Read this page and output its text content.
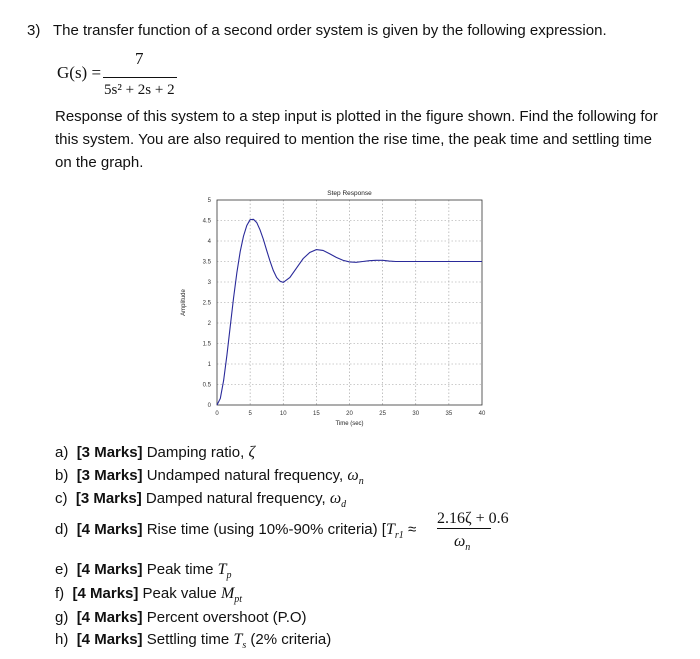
3) The transfer function of a second order system is given by the following expression.
G(s) =
7
5s² + 2s + 2
Response of this system to a step input is plotted in the figure shown. Find the following for this system. You are also required to mention the rise time, the peak time and settling time on the graph.
0	5	10	15	20	25	30	35	40
0
0.5
1
1.5
2
2.5
3
3.5
4
4.5
5
Step Response
Time (sec)
Amplitude
a) [3 Marks] Damping ratio, ζ
b) [3 Marks] Undamped natural frequency, $\omega_n$
c) [3 Marks] Damped natural frequency, $\omega_d$
d) [4 Marks] Rise time (using 10%-90% criteria) [$T_{r1}$ ≈
2.16ζ + 0.6
$\omega_n$
e) [4 Marks] Peak time $T_p$
f) [4 Marks] Peak value $M_{pt}$
g) [4 Marks] Percent overshoot (P.O)
h) [4 Marks] Settling time $T_s$ (2% criteria)
